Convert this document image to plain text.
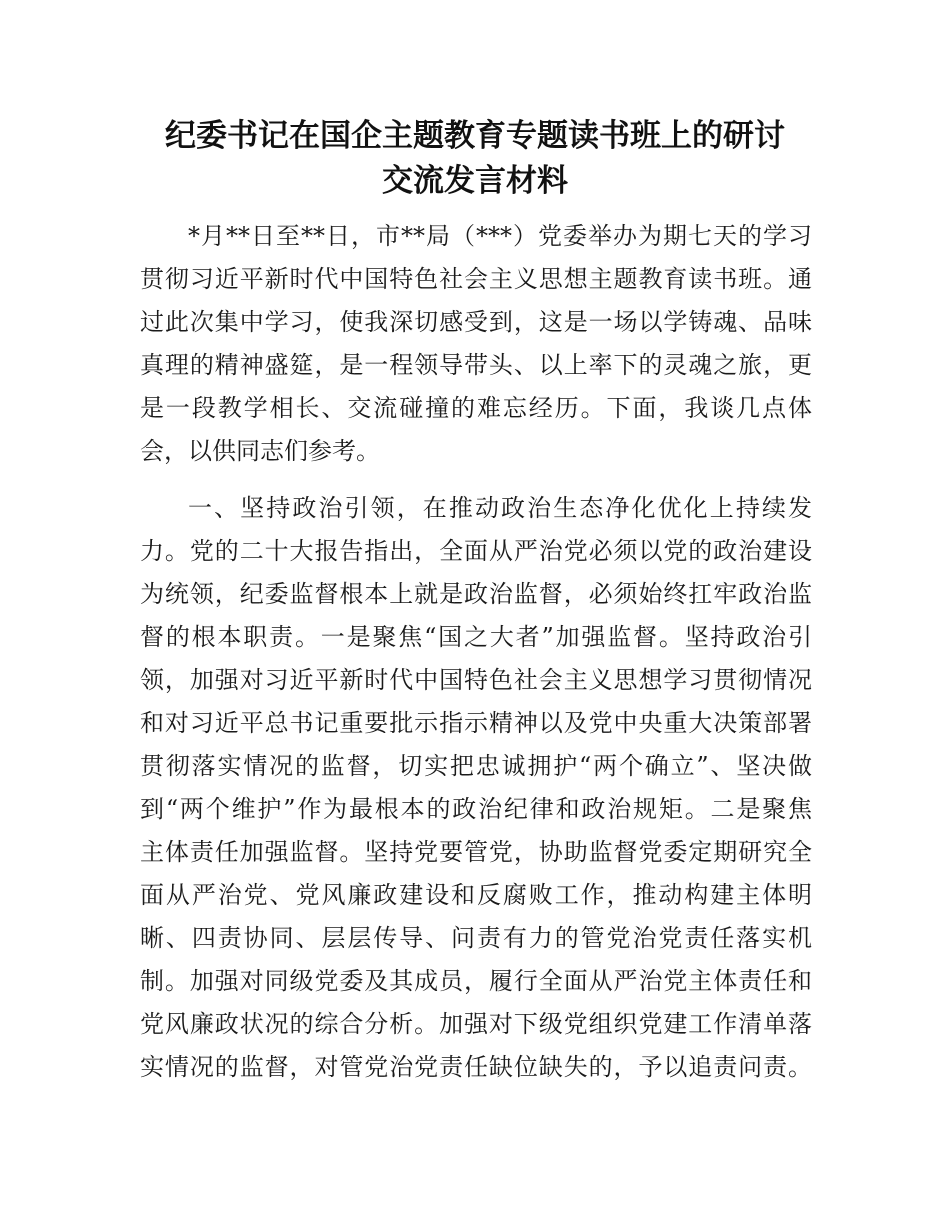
纪委书记在国企主题教育专题读书班上的研讨
交流发言材料

*月**日至**日，市**局（***）党委举办为期七天的学习

贯彻习近平新时代中国特色社会主义思想主题教育读书班。通

过此次集中学习，使我深切感受到，这是一场以学铸魂、品味

真理的精神盛筵，是一程领导带头、以上率下的灵魂之旅，更

是一段教学相长、交流碰撞的难忘经历。下面，我谈几点体

会，以供同志们参考。

一、坚持政治引领，在推动政治生态净化优化上持续发

力。党的二十大报告指出，全面从严治党必须以党的政治建设

为统领，纪委监督根本上就是政治监督，必须始终扛牢政治监

督的根本职责。一是聚焦“国之大者”加强监督。坚持政治引

领，加强对习近平新时代中国特色社会主义思想学习贯彻情况

和对习近平总书记重要批示指示精神以及党中央重大决策部署

贯彻落实情况的监督，切实把忠诚拥护“两个确立”、坚决做

到“两个维护”作为最根本的政治纪律和政治规矩。二是聚焦

主体责任加强监督。坚持党要管党，协助监督党委定期研究全

面从严治党、党风廉政建设和反腐败工作，推动构建主体明

晰、四责协同、层层传导、问责有力的管党治党责任落实机

制。加强对同级党委及其成员，履行全面从严治党主体责任和

党风廉政状况的综合分析。加强对下级党组织党建工作清单落

实情况的监督，对管党治党责任缺位缺失的，予以追责问责。
